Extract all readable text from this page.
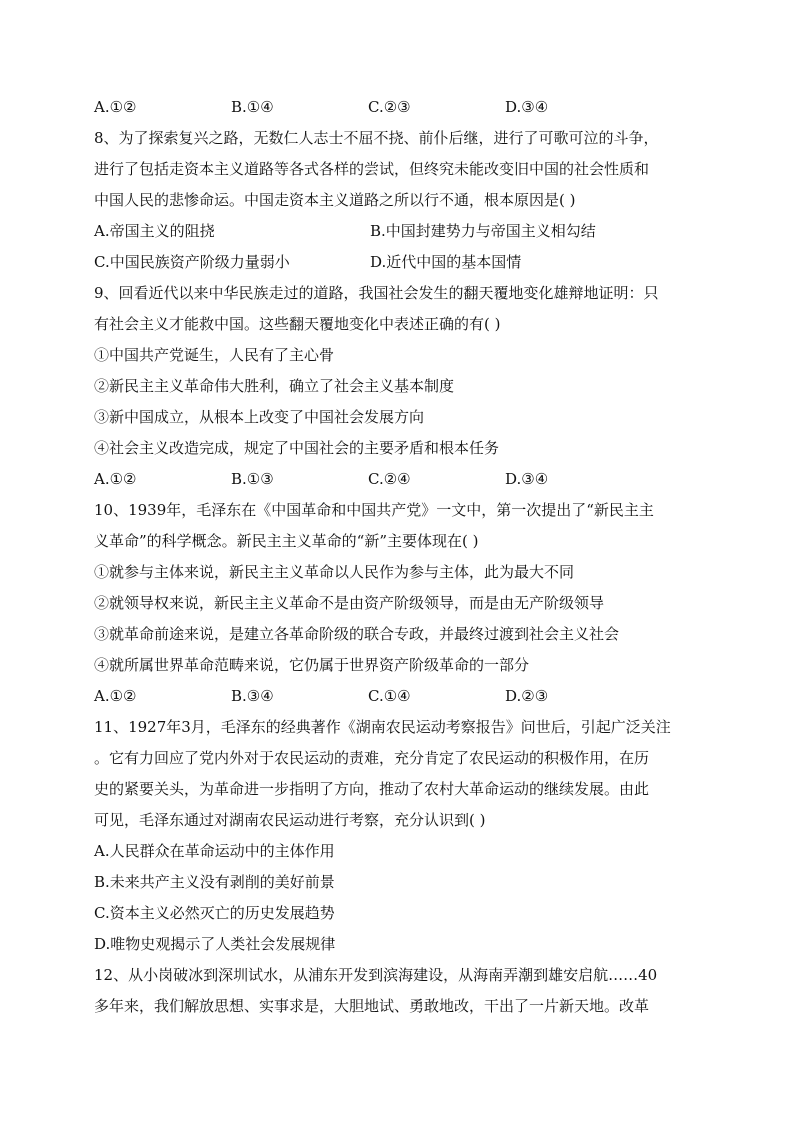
A.①②	B.①④	C.②③	D.③④
8、为了探索复兴之路，无数仁人志士不屈不挠、前仆后继，进行了可歌可泣的斗争，
进行了包括走资本主义道路等各式各样的尝试，但终究未能改变旧中国的社会性质和
中国人民的悲惨命运。中国走资本主义道路之所以行不通，根本原因是( )
A.帝国主义的阻挠	B.中国封建势力与帝国主义相勾结
C.中国民族资产阶级力量弱小	D.近代中国的基本国情
9、回看近代以来中华民族走过的道路，我国社会发生的翻天覆地变化雄辩地证明：只
有社会主义才能救中国。这些翻天覆地变化中表述正确的有( )
①中国共产党诞生，人民有了主心骨
②新民主主义革命伟大胜利，确立了社会主义基本制度
③新中国成立，从根本上改变了中国社会发展方向
④社会主义改造完成，规定了中国社会的主要矛盾和根本任务
A.①②	B.①③	C.②④	D.③④
10、1939年，毛泽东在《中国革命和中国共产党》一文中，第一次提出了“新民主主
义革命”的科学概念。新民主主义革命的“新”主要体现在( )
①就参与主体来说，新民主主义革命以人民作为参与主体，此为最大不同
②就领导权来说，新民主主义革命不是由资产阶级领导，而是由无产阶级领导
③就革命前途来说，是建立各革命阶级的联合专政，并最终过渡到社会主义社会
④就所属世界革命范畴来说，它仍属于世界资产阶级革命的一部分
A.①②	B.③④	C.①④	D.②③
11、1927年3月，毛泽东的经典著作《湖南农民运动考察报告》问世后，引起广泛关注
。它有力回应了党内外对于农民运动的责难，充分肯定了农民运动的积极作用，在历
史的紧要关头，为革命进一步指明了方向，推动了农村大革命运动的继续发展。由此
可见，毛泽东通过对湖南农民运动进行考察，充分认识到( )
A.人民群众在革命运动中的主体作用
B.未来共产主义没有剥削的美好前景
C.资本主义必然灭亡的历史发展趋势
D.唯物史观揭示了人类社会发展规律
12、从小岗破冰到深圳试水，从浦东开发到滨海建设，从海南弄潮到雄安启航……40
多年来，我们解放思想、实事求是，大胆地试、勇敢地改，干出了一片新天地。改革
